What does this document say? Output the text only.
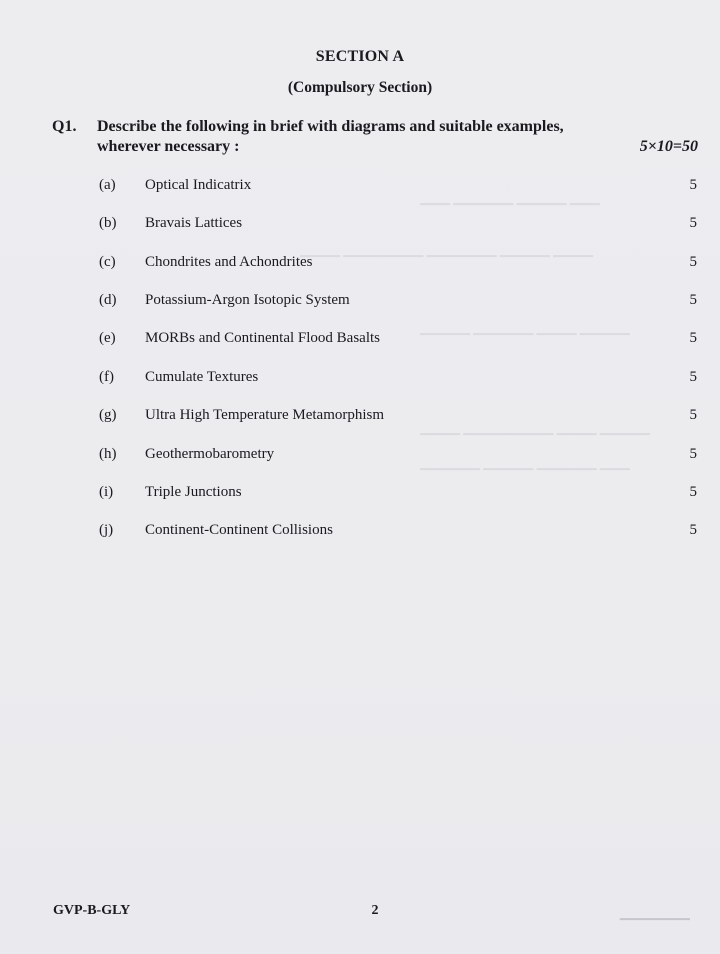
▁▁▁ ▁▁▁▁▁▁ ▁▁▁▁▁ ▁▁▁
▁▁▁▁ ▁▁▁▁▁▁▁▁ ▁▁▁▁▁▁▁ ▁▁▁▁▁ ▁▁▁▁
▁▁▁▁▁ ▁▁▁▁▁▁ ▁▁▁▁ ▁▁▁▁▁
▁▁▁▁ ▁▁▁▁▁▁▁▁▁ ▁▁▁▁ ▁▁▁▁▁
▁▁▁▁▁▁ ▁▁▁▁▁ ▁▁▁▁▁▁ ▁▁▁
SECTION A
(Compulsory Section)
Q1. Describe the following in brief with diagrams and suitable examples,
wherever necessary :	5×10=50
(a) Optical Indicatrix	5
(b) Bravais Lattices	5
(c) Chondrites and Achondrites	5
(d) Potassium-Argon Isotopic System	5
(e) MORBs and Continental Flood Basalts	5
(f) Cumulate Textures	5
(g) Ultra High Temperature Metamorphism	5
(h) Geothermobarometry	5
(i) Triple Junctions	5
(j) Continent-Continent Collisions	5
GVP-B-GLY	2	▁▁▁▁▁▁▁
